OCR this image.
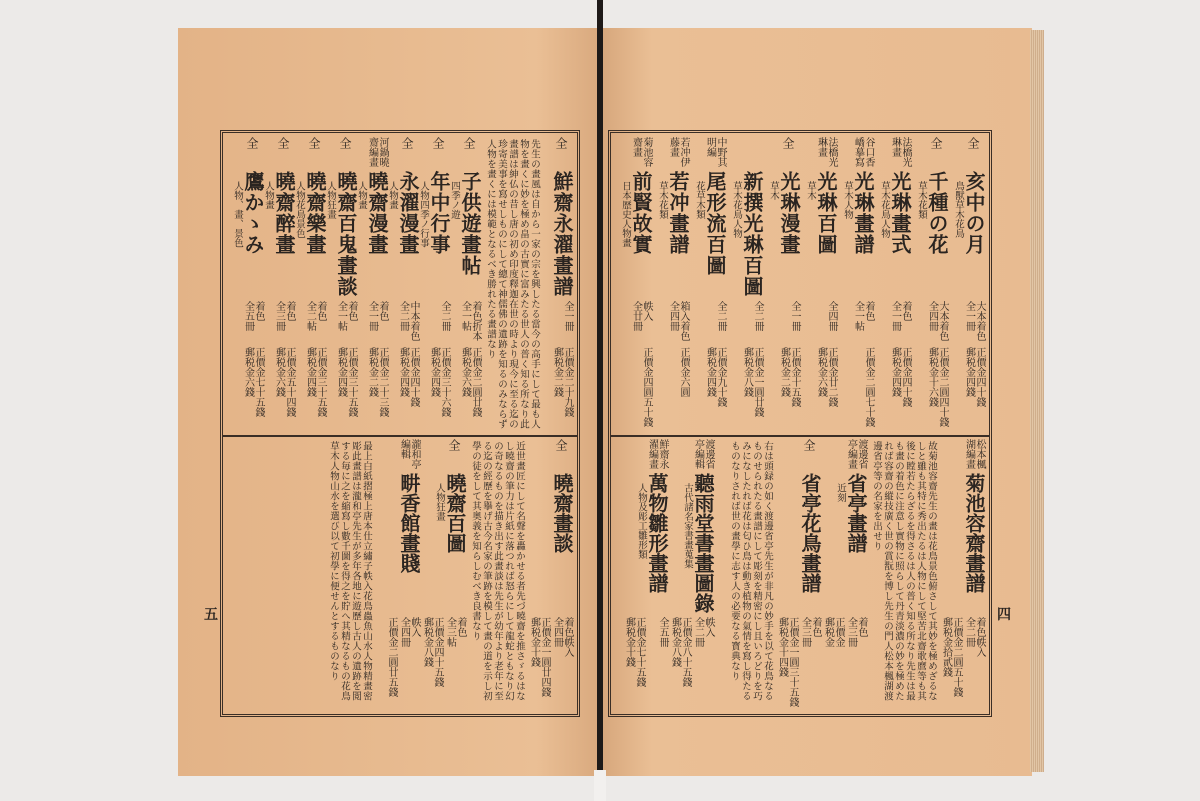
全
鮮齋永濯畫譜
全一冊
正價金二十九錢
郵税金二錢
先生の畫風は自から一家の宗を興したる當今の高手にして最も人物を畫くに妙を極め畠の古實に富みたる世人の普く知る所なり此畫譜は紳仏の昔し唐の初め印度釋迦在世の時より現今に至る迄の珍寄美事を寫せしものにして總て神儒佛の遺跡を知るのみならず人物を畫くには模範となるべき勝れたる畫譜なり
全
子供遊畫帖
四季ノ遊
着色折本
全一帖
正價金二圓廿錢
郵税金六錢
全
年中行事
人物四季ノ行事
全二冊
正價金三十六錢
郵税金四錢
全
永濯漫畫
人物畫
中本着色
全二冊
正價金四十錢
郵税金四錢
河鍋曉齋編畫
曉齋漫畫
人物畫
着色
全一冊
正價金二十三錢
郵税金二錢
全
曉齋百鬼畫談
人物狂畫
着色
全一帖
正價金三十五錢
郵税金四錢
全
曉齋樂畫
人物花鳥景色
着色
全二帖
正價金三十五錢
郵税金四錢
全
曉齋醉畫
人物畫
着色
全三冊
正價金五十四錢
郵税金六錢
全
鷹かゝみ
人物、畫、景色
着色
全五冊
正價金七十五錢
郵税金六錢
全
曉齋畫談
着色帙入
全四冊
正價金一圓廿四錢
郵税金十錢
近世畫匠にして名聲を轟かせる者先づ曉齋を推さゞるはなし曉齋の筆力は片紙に落つれば怒らにして龍蛇ともなり幻の奇なるものを描き出す此畫談は先生が幼年より老年に至る迄の經歷を擧げ古今名家の筆跡を模して畫の道を示し初學の徒をして其奥義を知らしむべき良書なり
全
曉齋百圖
人物狂畫
着色
全三帖
正價金四十五錢
郵税金八錢
瀧和亭編輯
畊香館畫賤
帙入
全四冊
正價金二圓廿五錢
最上白紙摺極上唐本仕立繡子帙入花鳥蟲魚山水人物精畫密彫此畫譜は瀧和亭先生が多年各地に遊歷し古人の遺跡を閲する毎に之を縮寫し數千圖を得之を貯へ其精なるもの花鳥草木人物山水を選び以て初學に便せんとするものなり
全
亥中の月
鳥獸草木花鳥
大本着色
全一冊
正價金四十錢
郵税金四錢
全
千種の花
草木花類
大本着色
全四冊
正價金二圓四十錢
郵税金十六錢
法橋光琳畫
光琳畫式
草木花鳥人物
着色
全一冊
正價金四十錢
郵税金四錢
谷口香嶠摹寫
光琳畫譜
草木人物
着色
全一帖
正價金二圓七十錢
法橋光琳畫
光琳百圖
草木
全四冊
正價金廿二錢
郵税金六錢
全
光琳漫畫
草木
全一冊
正價金十五錢
郵税金二錢
新撰光琳百圖
草木花鳥人物
全二冊
正價金一圓廿錢
郵税金八錢
中野其明編
尾形流百圖
花草木類
全二冊
正價金九十錢
郵税金四錢
若冲伊藤畫
若冲畫譜
草木花類
箱入着色
全四冊
正價金六圓
菊池容齋畫
前賢故實
日本歴史人物畫
帙入
全廿冊
正價金四圓五十錢
松本楓湖編畫
菊池容齋畫譜
着色帙入
全二冊
正價金二圓五十錢
郵税金拾貳錢
故菊池容齋先生の畫は花鳥景色俯さして其妙を極めざるなしと雖も其特に秀出たるは人物にして堅苦北齋歌麿等も其後に瞠若たらざるを得さるは人の普く知る所なり先生は最も畫の着色に注意し實物に照らして丹青淡濃の妙を極めたれば容齋の縱技廣く世の賞翫を博し先生の門人松本楓湖渡邊省亭等の名家を出せり
渡邊省亭編畫
省亭畫譜
近刻
着色
全三冊
正價金
郵税金
全
省亭花鳥畫譜
着色
全三冊
正價金一圓三十五錢
郵税金十四錢
右は頭録の如く渡邊省亭先生が非凡の妙手を以て花鳥なるものせられたる畫譜にして彫刻を精密にし且いろどりを巧みになしたれば花は匂ひ鳥は動き植物の氣情を寫し得たるものなりされば世の畫學に志す人の必要なる寳典なり
渡邊省亭編輯
聽雨堂書畫圖錄
古代諸名家書畫蒐集
帙入
全二冊
正價金八十五錢
郵税金八錢
鮮齋永濯編畫
萬物雛形畫譜
人物及彫工雛形類
全五冊
正價金七十五錢
郵税金十錢
五	四
